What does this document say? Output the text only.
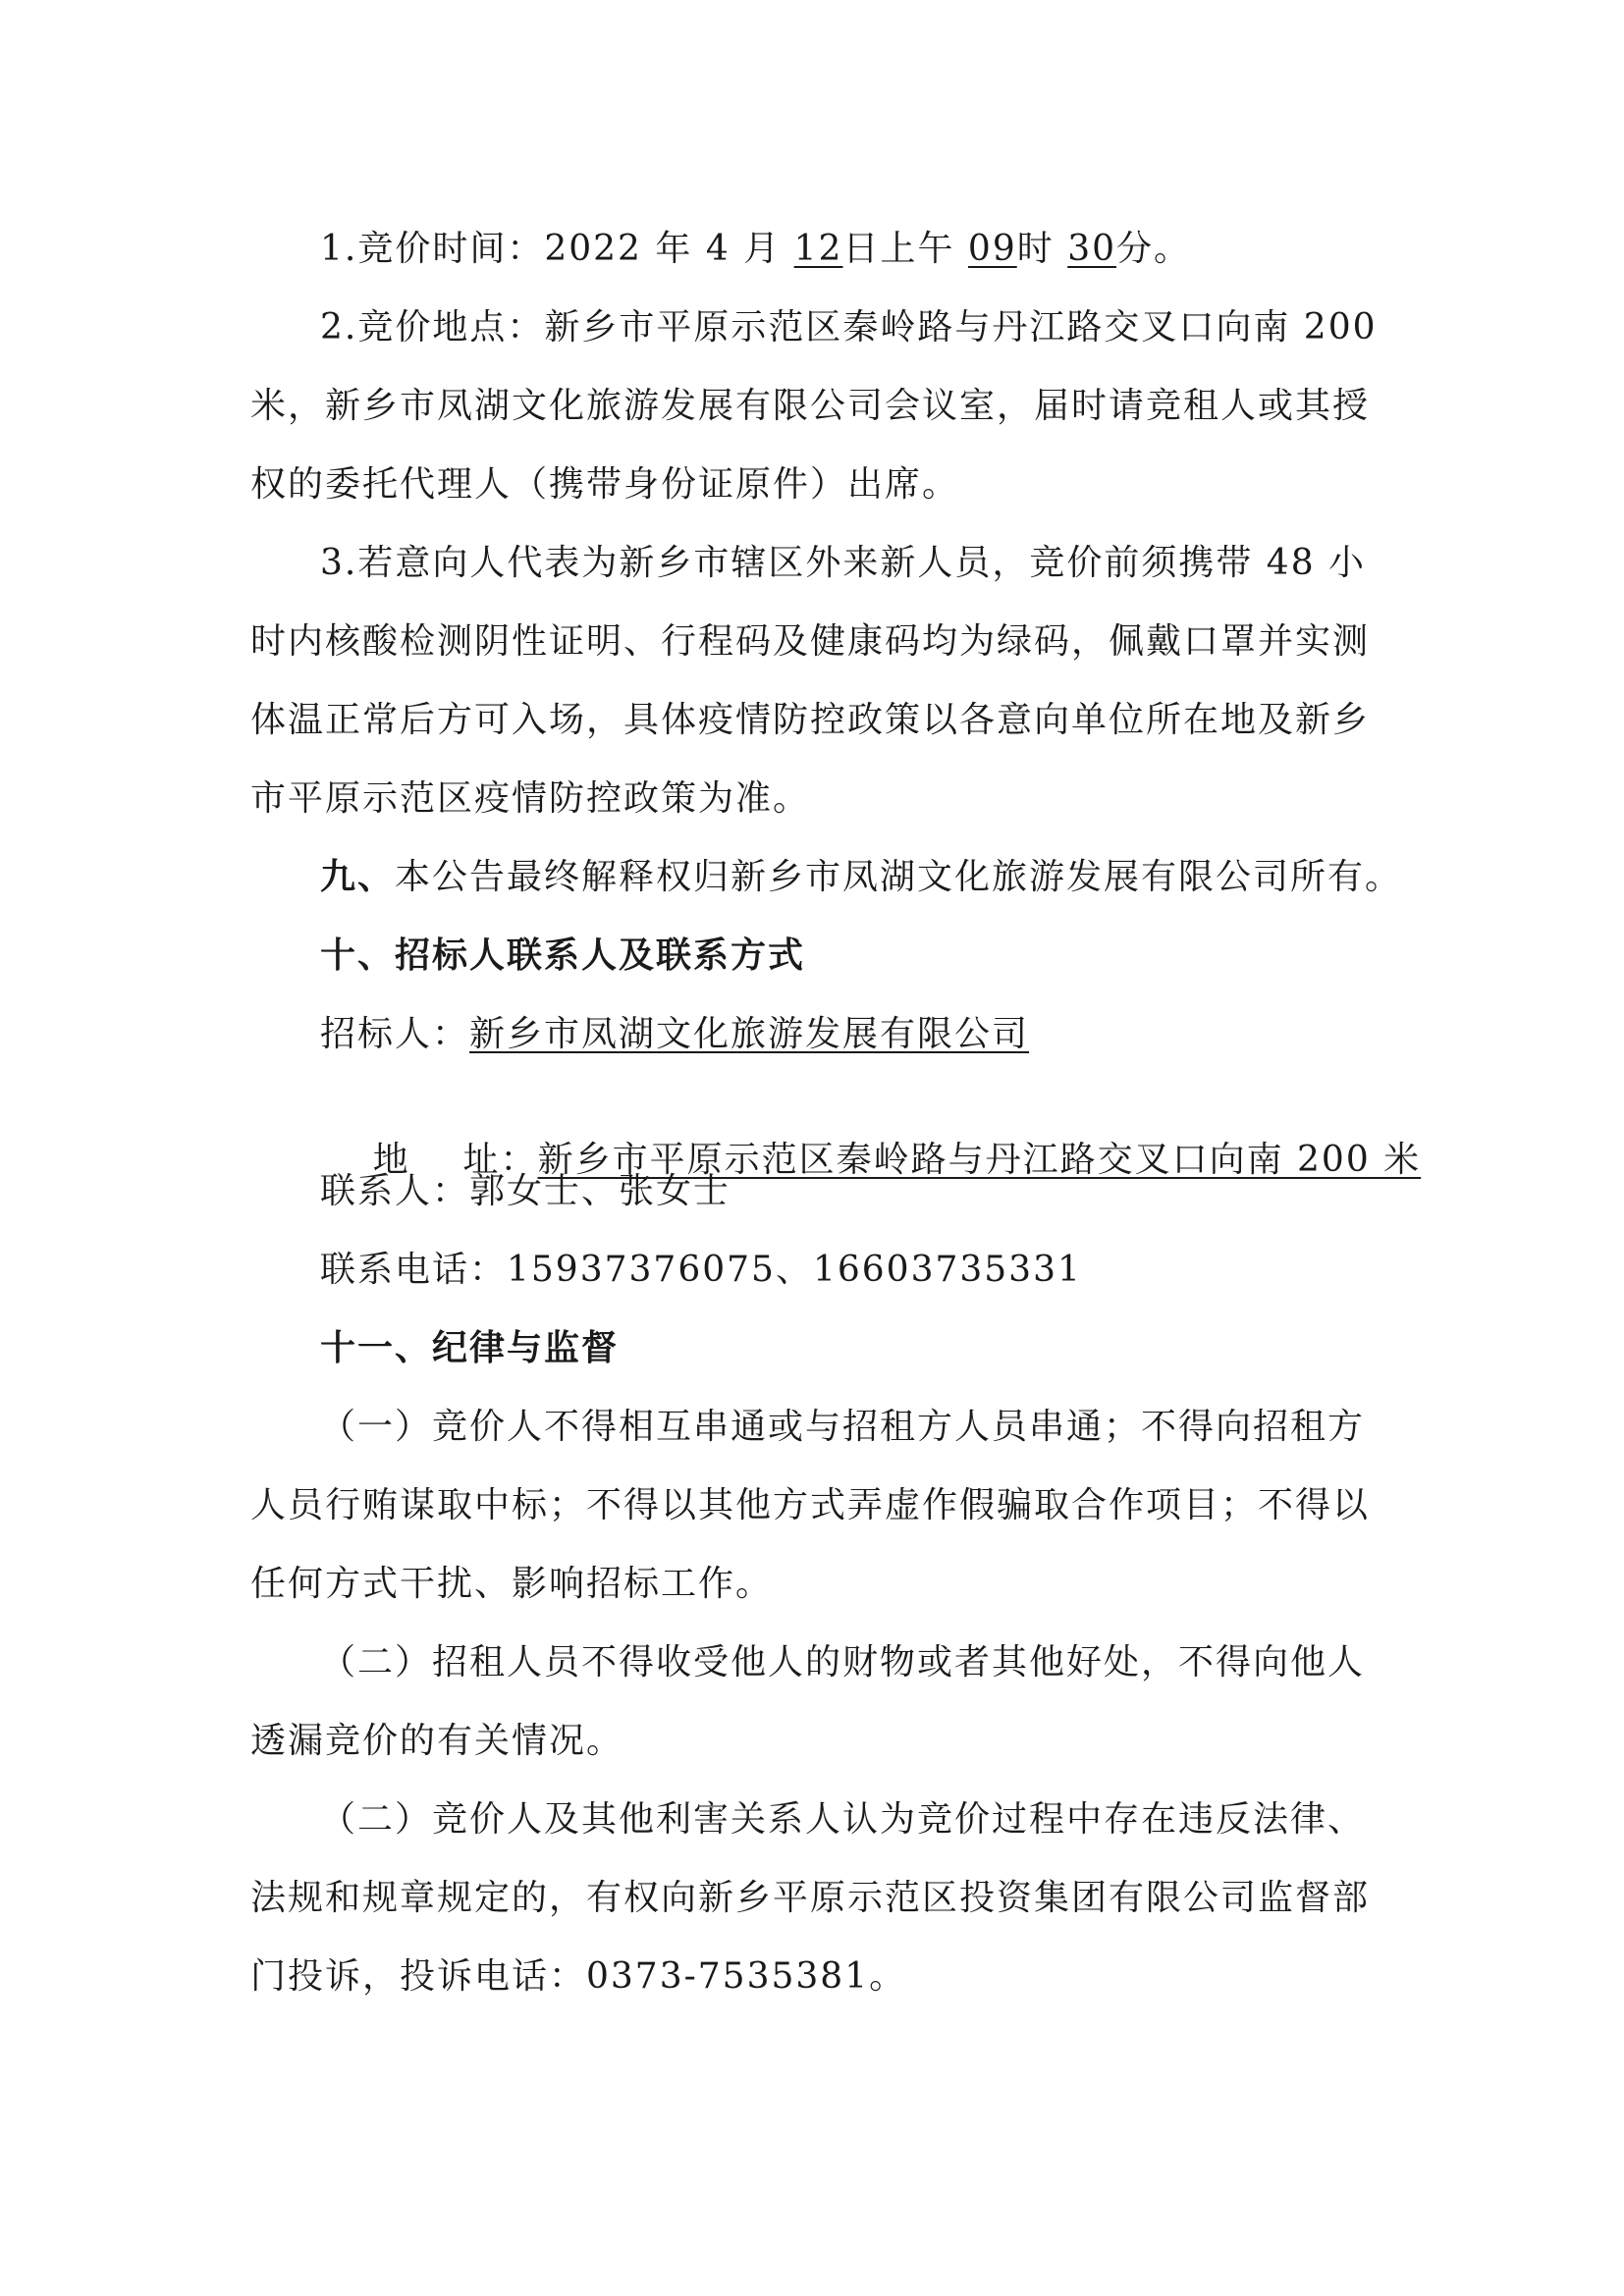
1.竞价时间：2022 年 4 月 12日上午 09时 30分。
2.竞价地点：新乡市平原示范区秦岭路与丹江路交叉口向南 200
米，新乡市凤湖文化旅游发展有限公司会议室，届时请竞租人或其授
权的委托代理人（携带身份证原件）出席。
3.若意向人代表为新乡市辖区外来新人员，竞价前须携带 48 小
时内核酸检测阴性证明、行程码及健康码均为绿码，佩戴口罩并实测
体温正常后方可入场，具体疫情防控政策以各意向单位所在地及新乡
市平原示范区疫情防控政策为准。
九、本公告最终解释权归新乡市凤湖文化旅游发展有限公司所有。
十、招标人联系人及联系方式
招标人：新乡市凤湖文化旅游发展有限公司

地    址：新乡市平原示范区秦岭路与丹江路交叉口向南 200 米

联系人：郭女士、张女士
联系电话：15937376075、16603735331
十一、纪律与监督
（一）竞价人不得相互串通或与招租方人员串通；不得向招租方
人员行贿谋取中标；不得以其他方式弄虚作假骗取合作项目；不得以
任何方式干扰、影响招标工作。
（二）招租人员不得收受他人的财物或者其他好处，不得向他人
透漏竞价的有关情况。
（二）竞价人及其他利害关系人认为竞价过程中存在违反法律、
法规和规章规定的，有权向新乡平原示范区投资集团有限公司监督部
门投诉，投诉电话：0373-7535381。
